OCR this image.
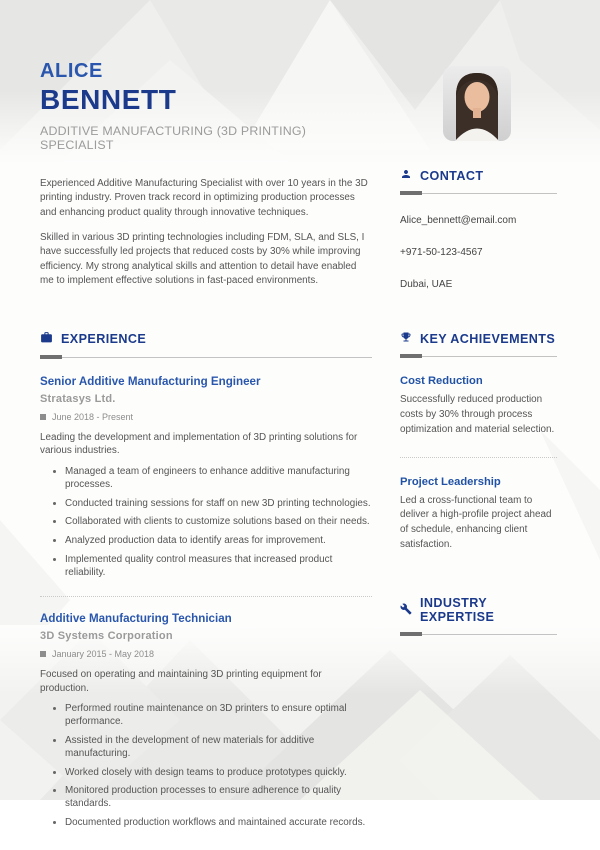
ALICE
BENNETT
ADDITIVE MANUFACTURING (3D PRINTING) SPECIALIST

Experienced Additive Manufacturing Specialist with over 10 years in the 3D printing industry. Proven track record in optimizing production processes and enhancing product quality through innovative techniques.

Skilled in various 3D printing technologies including FDM, SLA, and SLS, I have successfully led projects that reduced costs by 30% while improving efficiency. My strong analytical skills and attention to detail have enabled me to implement effective solutions in fast-paced environments.

EXPERIENCE
Senior Additive Manufacturing Engineer
Stratasys Ltd.
June 2018 - Present
Leading the development and implementation of 3D printing solutions for various industries.
• Managed a team of engineers to enhance additive manufacturing processes.
• Conducted training sessions for staff on new 3D printing technologies.
• Collaborated with clients to customize solutions based on their needs.
• Analyzed production data to identify areas for improvement.
• Implemented quality control measures that increased product reliability.
Additive Manufacturing Technician
3D Systems Corporation
January 2015 - May 2018
Focused on operating and maintaining 3D printing equipment for production.
• Performed routine maintenance on 3D printers to ensure optimal performance.
• Assisted in the development of new materials for additive manufacturing.
• Worked closely with design teams to produce prototypes quickly.
• Monitored production processes to ensure adherence to quality standards.
• Documented production workflows and maintained accurate records.
CONTACT
Alice_bennett@email.com
+971-50-123-4567
Dubai, UAE
KEY ACHIEVEMENTS
Cost Reduction
Successfully reduced production costs by 30% through process optimization and material selection.
Project Leadership
Led a cross-functional team to deliver a high-profile project ahead of schedule, enhancing client satisfaction.
INDUSTRY EXPERTISE
